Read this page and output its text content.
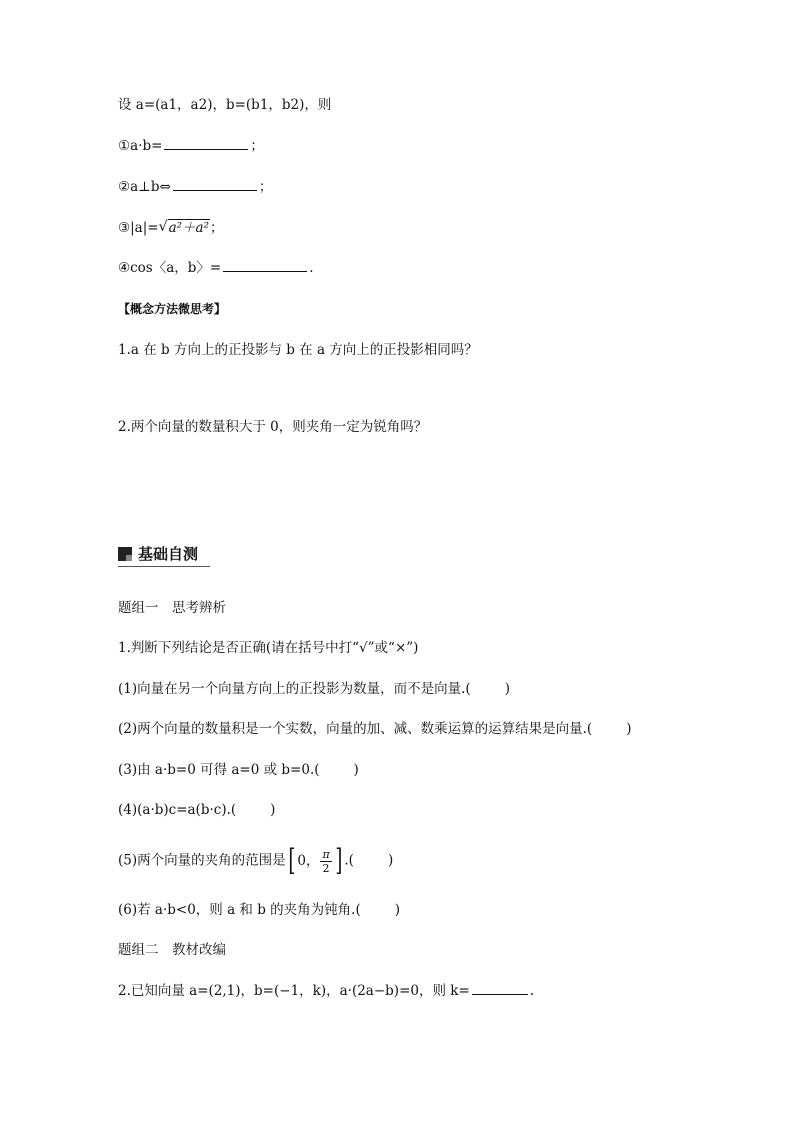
设 a=(a1，a2)，b=(b1，b2)，则
①a·b=	；
②a⊥b⇔	；
③|a|=√ a²＋a²；
④cos〈a，b〉=	.
【概念方法微思考】
1.a 在 b 方向上的正投影与 b 在 a 方向上的正投影相同吗？
2.两个向量的数量积大于 0，则夹角一定为锐角吗？
基础自测
题组一　思考辨析
1.判断下列结论是否正确(请在括号中打“√”或“×”)
(1)向量在另一个向量方向上的正投影为数量，而不是向量.(	)
(2)两个向量的数量积是一个实数，向量的加、减、数乘运算的运算结果是向量.(	)
(3)由 a·b=0 可得 a=0 或 b=0.(	)
(4)(a·b)c=a(b·c).(	)
(5)两个向量的夹角的范围是 [ 0， $\frac{\pi}{2}$ ] .(	)
(6)若 a·b<0，则 a 和 b 的夹角为钝角.(	)
题组二　教材改编
2.已知向量 a=(2,1)，b=(−1，k)，a·(2a−b)=0，则 k=	.
